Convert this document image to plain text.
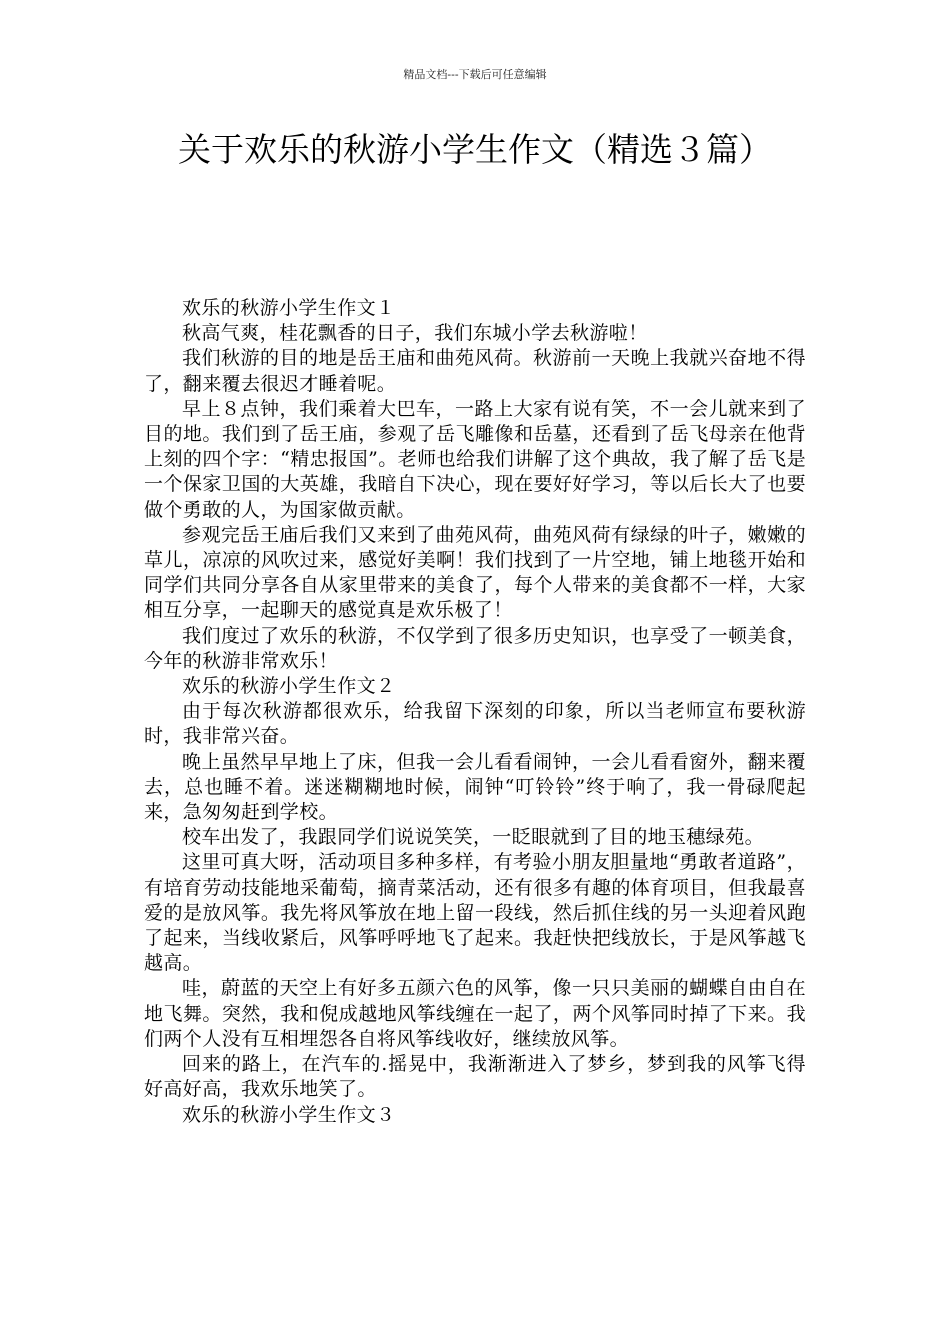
精品文档---下载后可任意编辑
关于欢乐的秋游小学生作文（精选３篇）

欢乐的秋游小学生作文１

秋高气爽，桂花飘香的日子，我们东城小学去秋游啦！

我们秋游的目的地是岳王庙和曲苑风荷。秋游前一天晚上我就兴奋地不得了，翻来覆去很迟才睡着呢。

早上８点钟，我们乘着大巴车，一路上大家有说有笑，不一会儿就来到了目的地。我们到了岳王庙，参观了岳飞雕像和岳墓，还看到了岳飞母亲在他背上刻的四个字：“精忠报国”。老师也给我们讲解了这个典故，我了解了岳飞是一个保家卫国的大英雄，我暗自下决心，现在要好好学习，等以后长大了也要做个勇敢的人，为国家做贡献。

参观完岳王庙后我们又来到了曲苑风荷，曲苑风荷有绿绿的叶子，嫩嫩的草儿，凉凉的风吹过来，感觉好美啊！我们找到了一片空地，铺上地毯开始和同学们共同分享各自从家里带来的美食了，每个人带来的美食都不一样，大家相互分享，一起聊天的感觉真是欢乐极了！

我们度过了欢乐的秋游，不仅学到了很多历史知识，也享受了一顿美食，今年的秋游非常欢乐！

欢乐的秋游小学生作文２

由于每次秋游都很欢乐，给我留下深刻的印象，所以当老师宣布要秋游时，我非常兴奋。

晚上虽然早早地上了床，但我一会儿看看闹钟，一会儿看看窗外，翻来覆去，总也睡不着。迷迷糊糊地时候，闹钟“叮铃铃”终于响了，我一骨碌爬起来，急匆匆赶到学校。

校车出发了，我跟同学们说说笑笑，一眨眼就到了目的地玉穗绿苑。

这里可真大呀，活动项目多种多样，有考验小朋友胆量地“勇敢者道路”，有培育劳动技能地采葡萄，摘青菜活动，还有很多有趣的体育项目，但我最喜爱的是放风筝。我先将风筝放在地上留一段线，然后抓住线的另一头迎着风跑了起来，当线收紧后，风筝呼呼地飞了起来。我赶快把线放长，于是风筝越飞越高。

哇，蔚蓝的天空上有好多五颜六色的风筝，像一只只美丽的蝴蝶自由自在地飞舞。突然，我和倪成越地风筝线缠在一起了，两个风筝同时掉了下来。我们两个人没有互相埋怨各自将风筝线收好，继续放风筝。

回来的路上，在汽车的.摇晃中，我渐渐进入了梦乡，梦到我的风筝飞得好高好高，我欢乐地笑了。

欢乐的秋游小学生作文３
